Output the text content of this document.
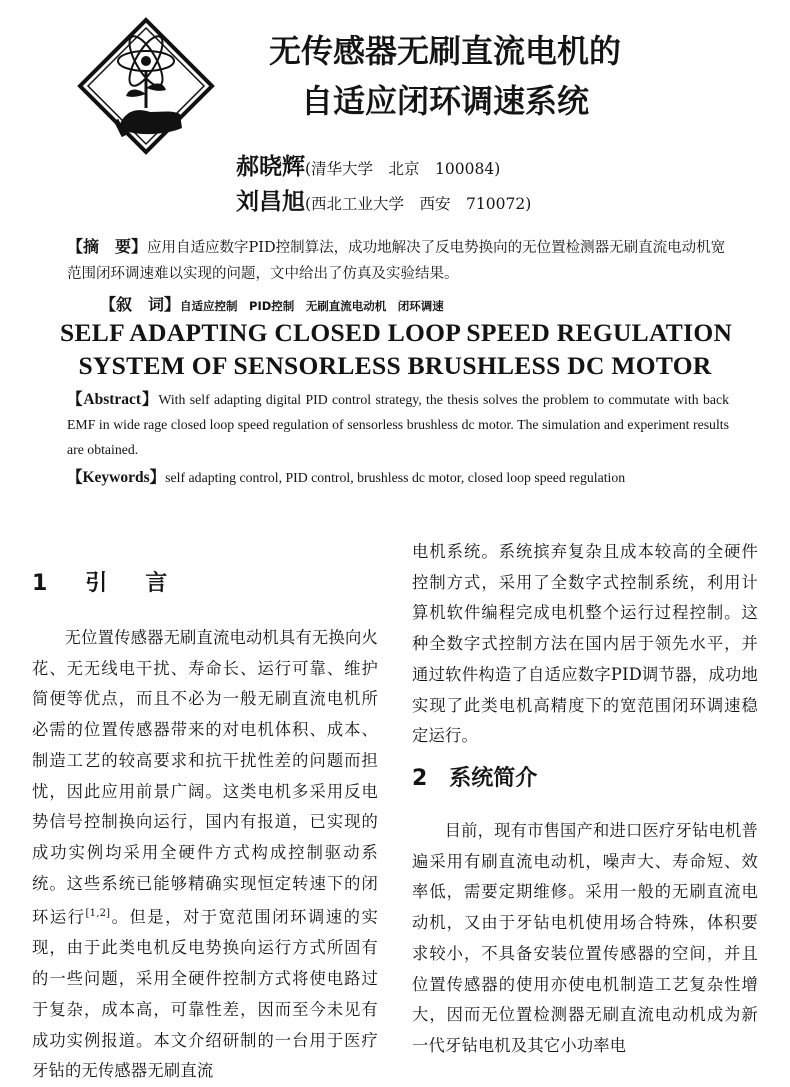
无传感器无刷直流电机的
自适应闭环调速系统
郝晓辉(清华大学　北京　100084)
刘昌旭(西北工业大学　西安　710072)

【摘　要】应用自适应数字PID控制算法，成功地解决了反电势换向的无位置检测器无刷直流电动机宽范围闭环调速难以实现的问题，文中给出了仿真及实验结果。

【叙　词】自适应控制　PID控制　无刷直流电动机　闭环调速
SELF ADAPTING CLOSED LOOP SPEED REGULATION
SYSTEM OF SENSORLESS BRUSHLESS DC MOTOR

【Abstract】With self adapting digital PID control strategy, the thesis solves the problem to commutate with back EMF in wide rage closed loop speed regulation of sensorless brushless dc motor. The simulation and experiment results are obtained.

【Keywords】self adapting control, PID control, brushless dc motor, closed loop speed regulation

1　引　言

无位置传感器无刷直流电动机具有无换向火花、无无线电干扰、寿命长、运行可靠、维护简便等优点，而且不必为一般无刷直流电机所必需的位置传感器带来的对电机体积、成本、制造工艺的较高要求和抗干扰性差的问题而担忧，因此应用前景广阔。这类电机多采用反电势信号控制换向运行，国内有报道，已实现的成功实例均采用全硬件方式构成控制驱动系统。这些系统已能够精确实现恒定转速下的闭环运行[1,2]。但是，对于宽范围闭环调速的实现，由于此类电机反电势换向运行方式所固有的一些问题，采用全硬件控制方式将使电路过于复杂，成本高，可靠性差，因而至今未见有成功实例报道。本文介绍研制的一台用于医疗牙钻的无传感器无刷直流

电机系统。系统摈弃复杂且成本较高的全硬件控制方式，采用了全数字式控制系统，利用计算机软件编程完成电机整个运行过程控制。这种全数字式控制方法在国内居于领先水平，并通过软件构造了自适应数字PID调节器，成功地实现了此类电机高精度下的宽范围闭环调速稳定运行。

2　系统简介

目前，现有市售国产和进口医疗牙钻电机普遍采用有刷直流电动机，噪声大、寿命短、效率低，需要定期维修。采用一般的无刷直流电动机，又由于牙钻电机使用场合特殊，体积要求较小，不具备安装位置传感器的空间，并且位置传感器的使用亦使电机制造工艺复杂性增大，因而无位置检测器无刷直流电动机成为新一代牙钻电机及其它小功率电
